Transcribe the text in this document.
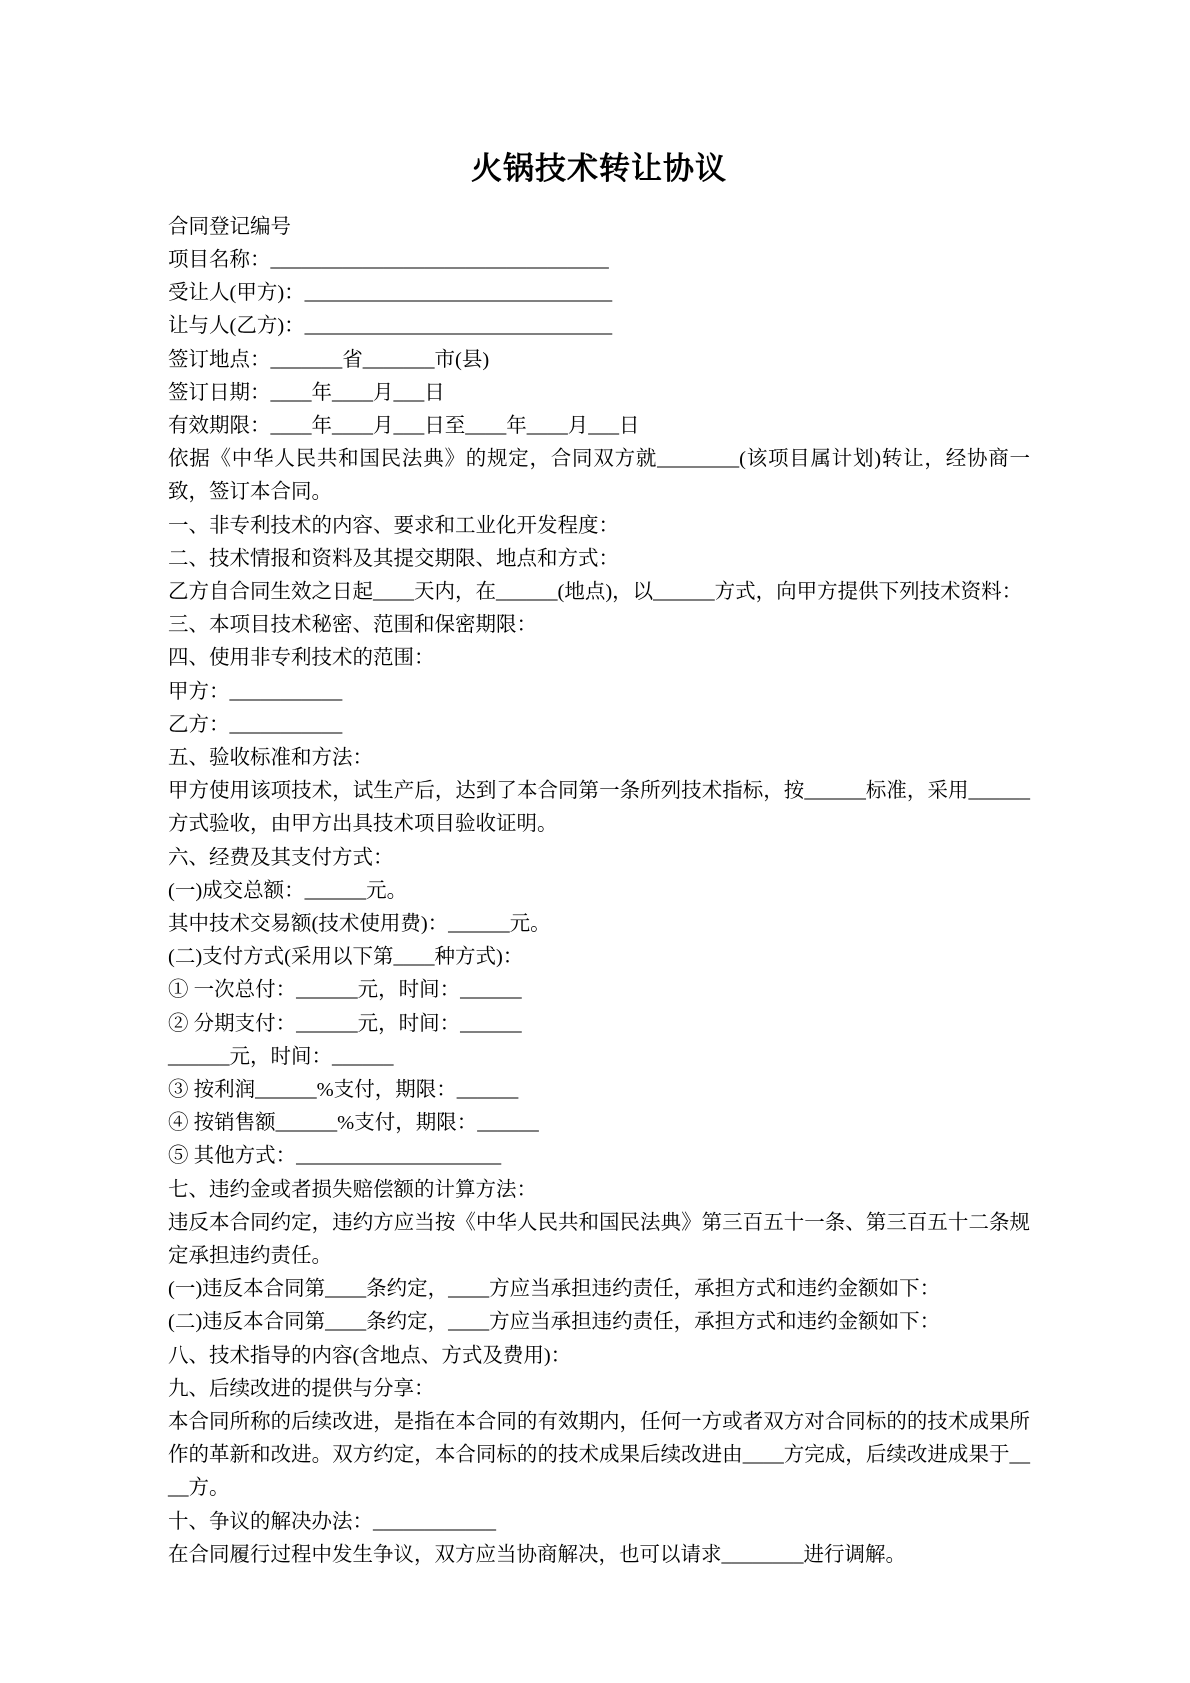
火锅技术转让协议

合同登记编号

项目名称：_________________________________

受让人(甲方)：______________________________

让与人(乙方)：______________________________

签订地点：_______省_______市(县)

签订日期：____年____月___日

有效期限：____年____月___日至____年____月___日

依据《中华人民共和国民法典》的规定，合同双方就________(该项目属计划)转让，经协商一致，签订本合同。

一、非专利技术的内容、要求和工业化开发程度：

二、技术情报和资料及其提交期限、地点和方式：

乙方自合同生效之日起____天内，在______(地点)，以______方式，向甲方提供下列技术资料：

三、本项目技术秘密、范围和保密期限：

四、使用非专利技术的范围：

甲方：___________

乙方：___________

五、验收标准和方法：

甲方使用该项技术，试生产后，达到了本合同第一条所列技术指标，按______标准，采用______方式验收，由甲方出具技术项目验收证明。

六、经费及其支付方式：

(一)成交总额：______元。

其中技术交易额(技术使用费)：______元。

(二)支付方式(采用以下第____种方式)：

① 一次总付：______元，时间：______

② 分期支付：______元，时间：______

______元，时间：______

③ 按利润______%支付，期限：______

④ 按销售额______%支付，期限：______

⑤ 其他方式：____________________

七、违约金或者损失赔偿额的计算方法：

违反本合同约定，违约方应当按《中华人民共和国民法典》第三百五十一条、第三百五十二条规定承担违约责任。

(一)违反本合同第____条约定，____方应当承担违约责任，承担方式和违约金额如下：

(二)违反本合同第____条约定，____方应当承担违约责任，承担方式和违约金额如下：

八、技术指导的内容(含地点、方式及费用)：

九、后续改进的提供与分享：

本合同所称的后续改进，是指在本合同的有效期内，任何一方或者双方对合同标的的技术成果所作的革新和改进。双方约定，本合同标的的技术成果后续改进由____方完成，后续改进成果于____方。

十、争议的解决办法：____________

在合同履行过程中发生争议，双方应当协商解决，也可以请求________进行调解。
